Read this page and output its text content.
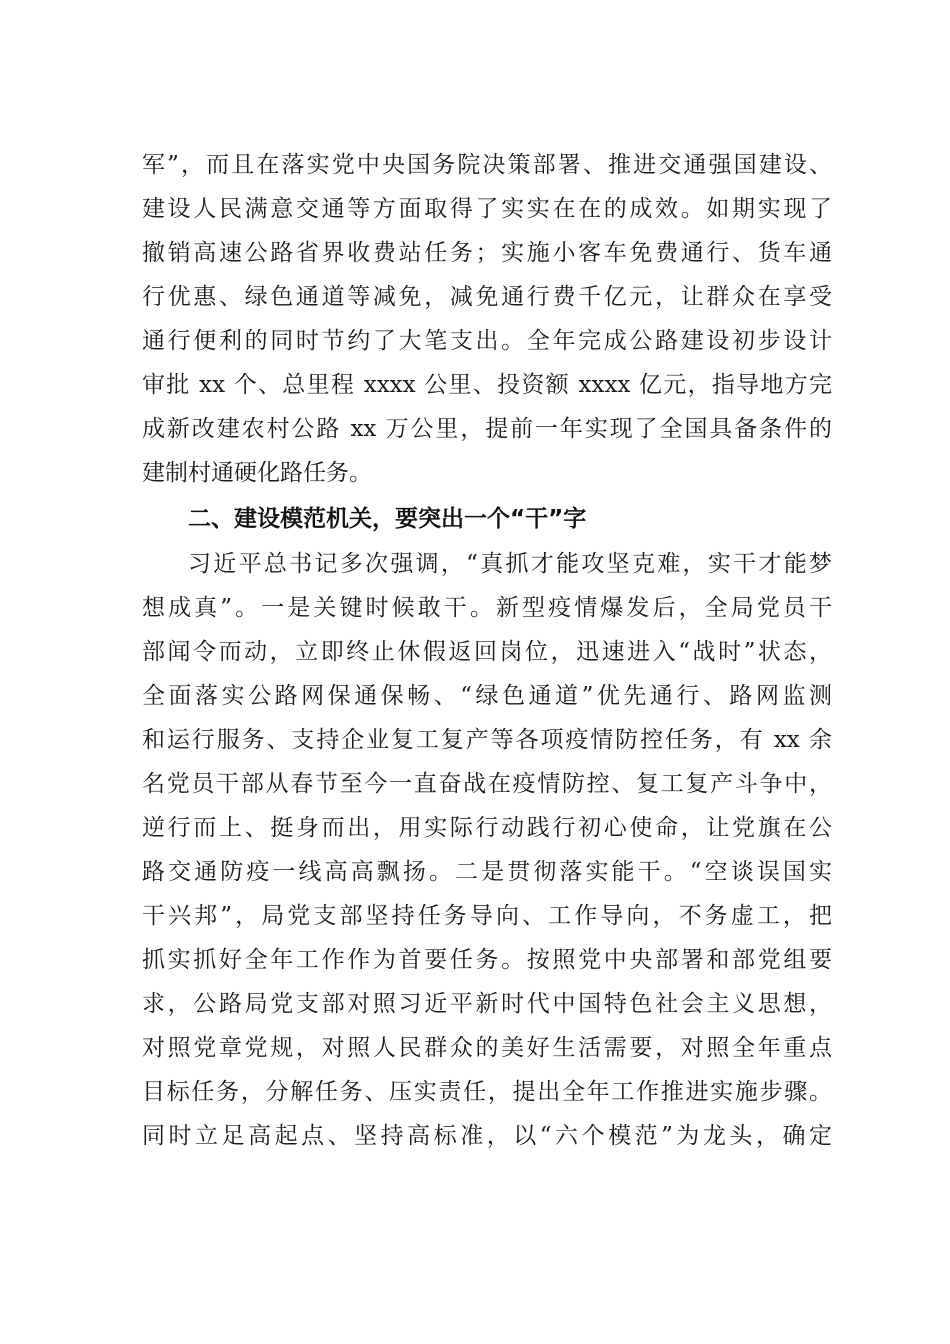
军”，而且在落实党中央国务院决策部署、推进交通强国建设、
建设人民满意交通等方面取得了实实在在的成效。如期实现了
撤销高速公路省界收费站任务；实施小客车免费通行、货车通
行优惠、绿色通道等减免，减免通行费千亿元，让群众在享受
通行便利的同时节约了大笔支出。全年完成公路建设初步设计
审批 xx 个、总里程 xxxx 公里、投资额 xxxx 亿元，指导地方完
成新改建农村公路 xx 万公里，提前一年实现了全国具备条件的
建制村通硬化路任务。
二、建设模范机关，要突出一个“干”字
习近平总书记多次强调，“真抓才能攻坚克难，实干才能梦
想成真”。一是关键时候敢干。新型疫情爆发后，全局党员干
部闻令而动，立即终止休假返回岗位，迅速进入“战时”状态，
全面落实公路网保通保畅、“绿色通道”优先通行、路网监测
和运行服务、支持企业复工复产等各项疫情防控任务，有 xx 余
名党员干部从春节至今一直奋战在疫情防控、复工复产斗争中，
逆行而上、挺身而出，用实际行动践行初心使命，让党旗在公
路交通防疫一线高高飘扬。二是贯彻落实能干。“空谈误国实
干兴邦”，局党支部坚持任务导向、工作导向，不务虚工，把
抓实抓好全年工作作为首要任务。按照党中央部署和部党组要
求，公路局党支部对照习近平新时代中国特色社会主义思想，
对照党章党规，对照人民群众的美好生活需要，对照全年重点
目标任务，分解任务、压实责任，提出全年工作推进实施步骤。
同时立足高起点、坚持高标准，以“六个模范”为龙头，确定
